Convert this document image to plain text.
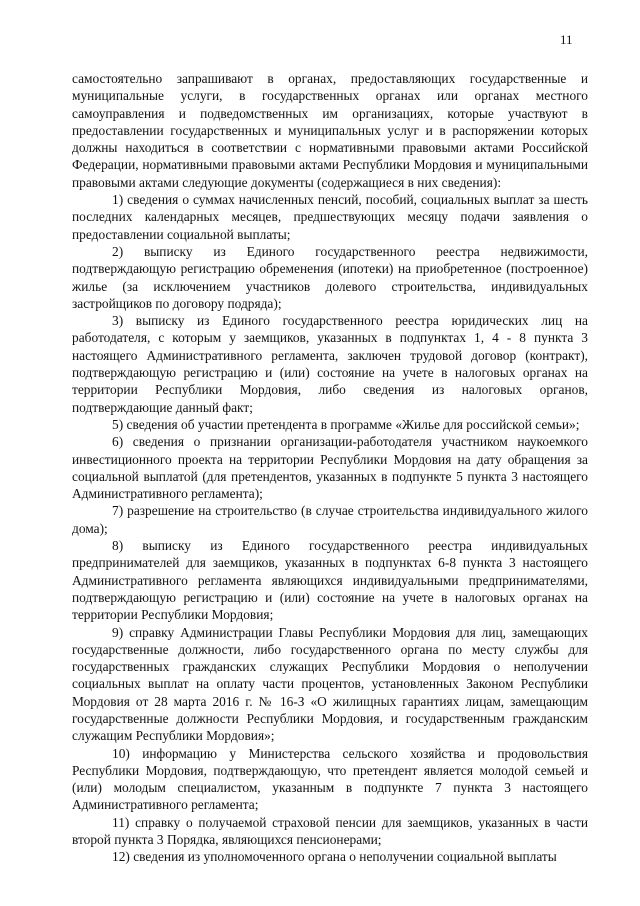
11

самостоятельно запрашивают в органах, предоставляющих государственные и муниципальные услуги, в государственных органах или органах местного самоуправления и подведомственных им организациях, которые участвуют в предоставлении государственных и муниципальных услуг и в распоряжении которых должны находиться в соответствии с нормативными правовыми актами Российской Федерации, нормативными правовыми актами Республики Мордовия и муниципальными правовыми актами следующие документы (содержащиеся в них сведения):

1) сведения о суммах начисленных пенсий, пособий, социальных выплат за шесть последних календарных месяцев, предшествующих месяцу подачи заявления о предоставлении социальной выплаты;

2) выписку из Единого государственного реестра недвижимости, подтверждающую регистрацию обременения (ипотеки) на приобретенное (построенное) жилье (за исключением участников долевого строительства, индивидуальных застройщиков по договору подряда);

3) выписку из Единого государственного реестра юридических лиц на работодателя, с которым у заемщиков, указанных в подпунктах 1, 4 - 8 пункта 3 настоящего Административного регламента, заключен трудовой договор (контракт), подтверждающую регистрацию и (или) состояние на учете в налоговых органах на территории Республики Мордовия, либо сведения из налоговых органов, подтверждающие данный факт;

5) сведения об участии претендента в программе «Жилье для российской семьи»;

6) сведения о признании организации-работодателя участником наукоемкого инвестиционного проекта на территории Республики Мордовия на дату обращения за социальной выплатой (для претендентов, указанных в подпункте 5 пункта 3 настоящего Административного регламента);

7) разрешение на строительство (в случае строительства индивидуального жилого дома);

8) выписку из Единого государственного реестра индивидуальных предпринимателей для заемщиков, указанных в подпунктах 6-8 пункта 3 настоящего Административного регламента являющихся индивидуальными предпринимателями, подтверждающую регистрацию и (или) состояние на учете в налоговых органах на территории Республики Мордовия;

9) справку Администрации Главы Республики Мордовия для лиц, замещающих государственные должности, либо государственного органа по месту службы для государственных гражданских служащих Республики Мордовия о неполучении социальных выплат на оплату части процентов, установленных Законом Республики Мордовия от 28 марта 2016 г. № 16-З «О жилищных гарантиях лицам, замещающим государственные должности Республики Мордовия, и государственным гражданским служащим Республики Мордовия»;

10) информацию у Министерства сельского хозяйства и продовольствия Республики Мордовия, подтверждающую, что претендент является молодой семьей и (или) молодым специалистом, указанным в подпункте 7 пункта 3 настоящего Административного регламента;

11) справку о получаемой страховой пенсии для заемщиков, указанных в части второй пункта 3 Порядка, являющихся пенсионерами;

12) сведения из уполномоченного органа о неполучении социальной выплаты
